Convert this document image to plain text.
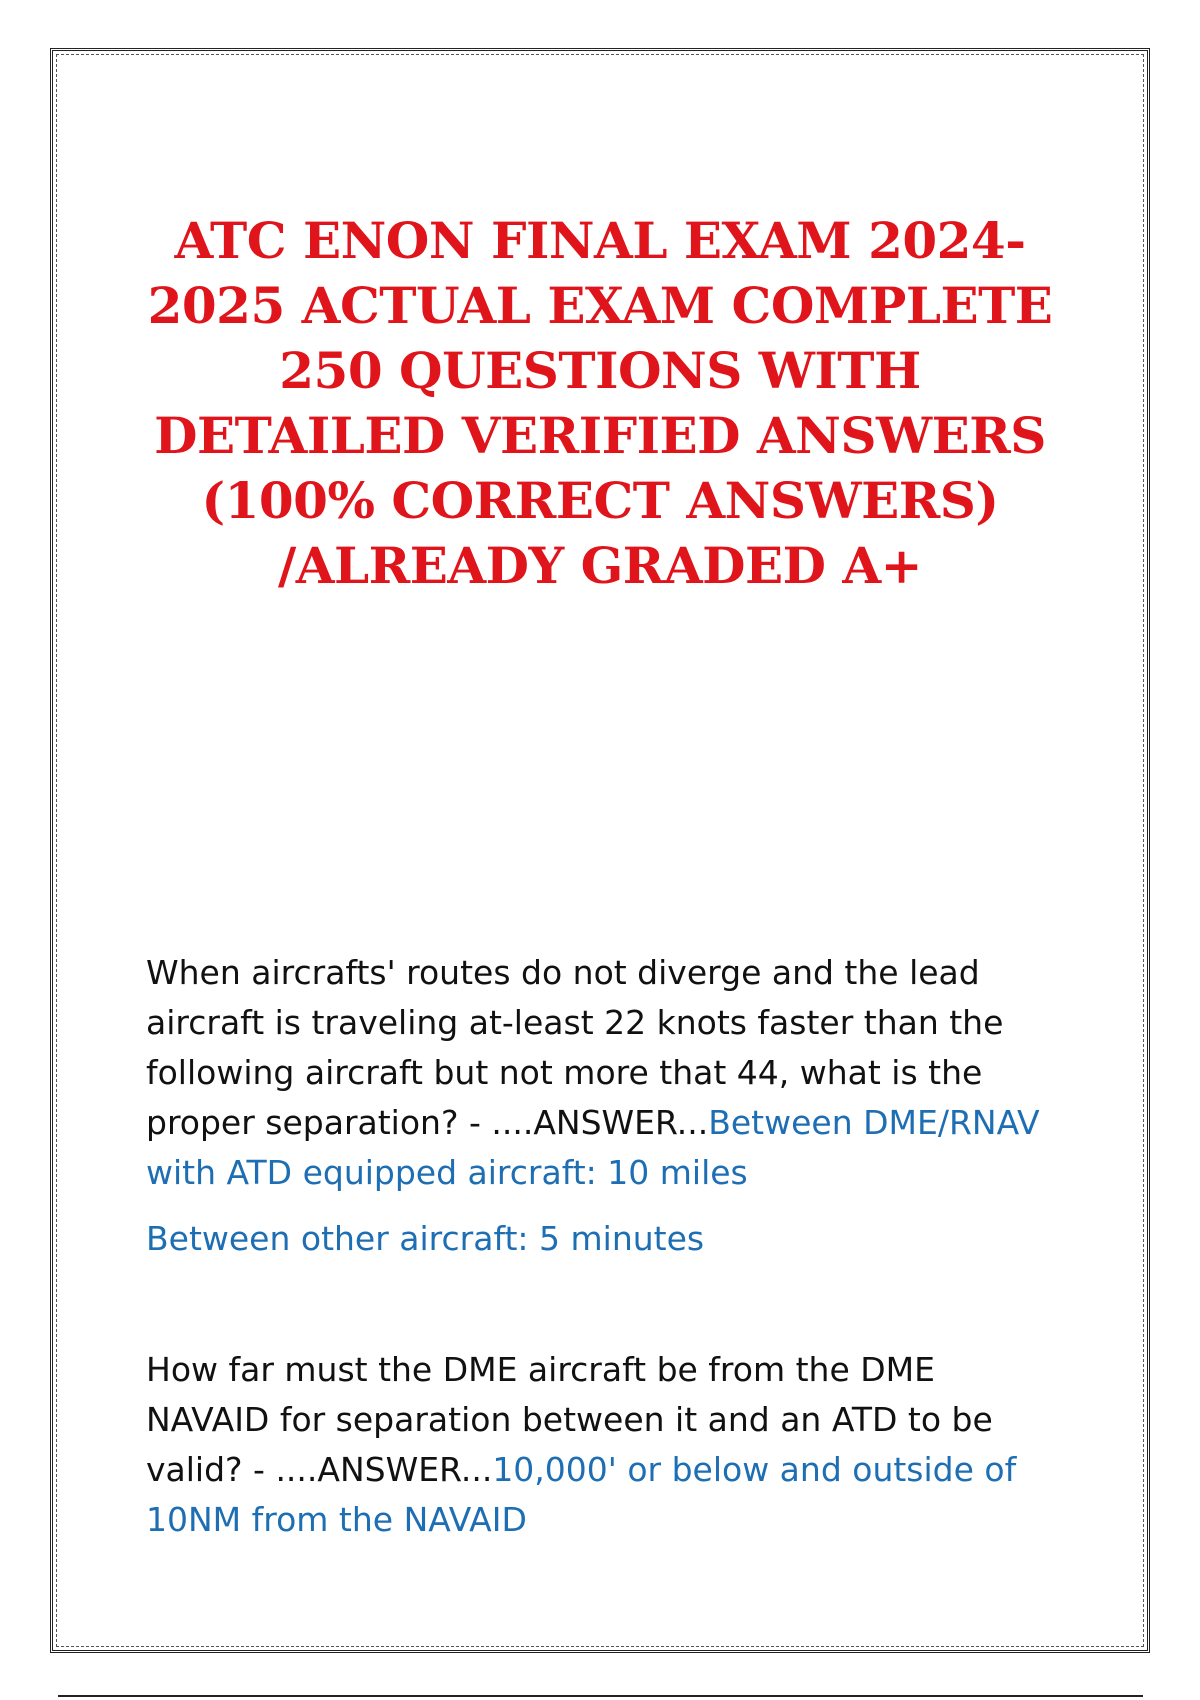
ATC ENON FINAL EXAM 2024-2025 ACTUAL EXAM COMPLETE 250 QUESTIONS WITH DETAILED VERIFIED ANSWERS (100% CORRECT ANSWERS) /ALREADY GRADED A+

When aircrafts' routes do not diverge and the lead aircraft is traveling at-least 22 knots faster than the following aircraft but not more that 44, what is the proper separation? - ....ANSWER...Between DME/RNAV with ATD equipped aircraft: 10 miles

Between other aircraft: 5 minutes

How far must the DME aircraft be from the DME NAVAID for separation between it and an ATD to be valid? - ....ANSWER...10,000' or below and outside of 10NM from the NAVAID
